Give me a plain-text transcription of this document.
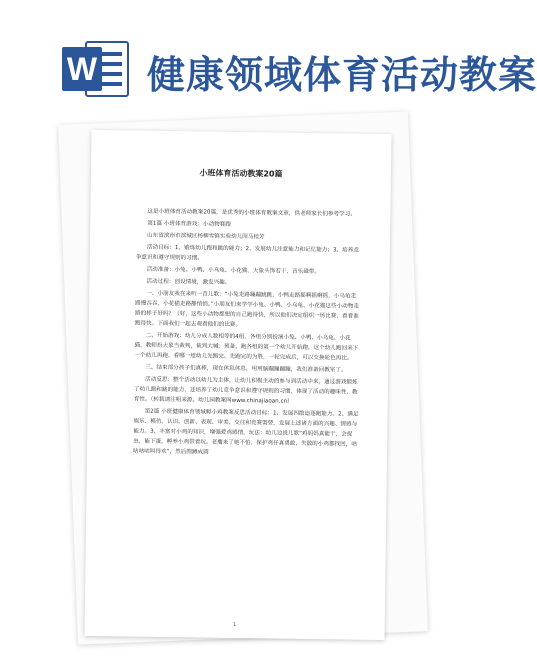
W 健康领域体育活动教案
小班体育活动教案20篇

这是小班体育活动教案20篇，是优秀的小班体育教案文章，供老师家长们参考学习。

第1篇 小班体育游戏：小动物赛跑

山东省滨州市滨城区杨柳雪镇实验幼儿园马桂芳

活动目标：1、锻炼幼儿跑和跳的能力；2、发展幼儿注意能力和记忆能力；3、培养竞争意识和遵守规则的习惯。

活动准备：小兔、小鸭、小乌龟、小花猫，大象头饰若干，音乐磁带。

活动过程：创设情境，激发兴趣。

一、小朋友我在来听一首儿歌：“小兔走路蹦蹦跳跳，小鸭走路摇啊摇啊摇，小乌龟走路慢吞吞，小花猫走路静悄悄。”小朋友们来学学小兔、小鸭、小乌龟、小花猫这些小动物走路的样子好吗？（好，这些小动物都想的自己跑得快，所以他们决定组织一场比赛，看看谁跑得快。下面我们一起去观看他们的比赛。

二、开始游戏：幼儿分成人数相等的4组，各组分别扮演小兔、小鸭、小乌龟、小花猫，教师扮大象当裁判，裁判大喊：预备，跑各组的第一个幼儿开始跑，这个幼儿跑回来下一个幼儿再跑，看哪一组幼儿先跑完。先跑完的为胜，一轮完成后，可以交换轮色再比。

三、结束部分孩子们真棒，现在休息休息，用用脑蹦蹦蹦蹦，我们准备回教室了。

活动反思：整个活动以幼儿为主体，让幼儿积极主动的参与到活动中来，通过游戏锻炼了幼儿跑和跳的能力，还培养了幼儿竞争意识和遵守规则的习惯，体现了活动的趣味性、教育性。（转载请注明来源。幼儿园教案网www.chinajiaoan.cn）

第2篇 小班健康体育领域孵小鸡教案反思活动目标：1、发展四散追逐跑能力。2、满足娱乐、模仿、认识、创新、表现、审美、交往和竞赛需要，发展上述诸方面的兴趣、情感与能力。3、丰富对小鸡的知识，增强爱鸡感情，玩法：幼儿边说儿歌“鸡妈妈真能干，会捉虫，能下蛋，孵养小鸡带着玩。老鹰来了她不怕，保护鸡仔真勇敢，失散的小鸡都找回，咕咕咕咕叫得欢”，然后围蹲成圆

1
